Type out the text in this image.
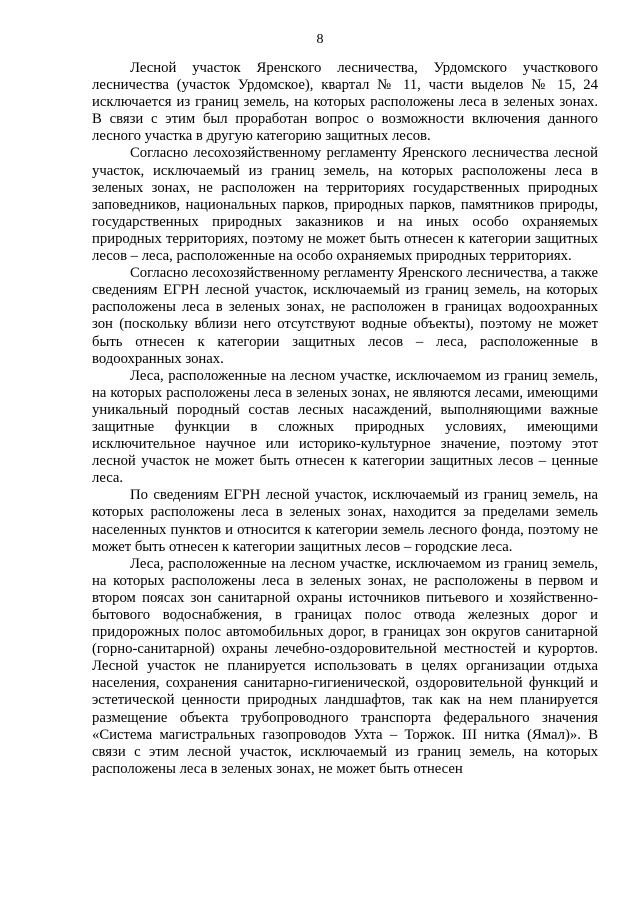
8

Лесной участок Яренского лесничества, Урдомского участкового лесничества (участок Урдомское), квартал № 11, части выделов № 15, 24 исключается из границ земель, на которых расположены леса в зеленых зонах. В связи с этим был проработан вопрос о возможности включения данного лесного участка в другую категорию защитных лесов.

Согласно лесохозяйственному регламенту Яренского лесничества лесной участок, исключаемый из границ земель, на которых расположены леса в зеленых зонах, не расположен на территориях государственных природных заповедников, национальных парков, природных парков, памятников природы, государственных природных заказников и на иных особо охраняемых природных территориях, поэтому не может быть отнесен к категории защитных лесов – леса, расположенные на особо охраняемых природных территориях.

Согласно лесохозяйственному регламенту Яренского лесничества, а также сведениям ЕГРН лесной участок, исключаемый из границ земель, на которых расположены леса в зеленых зонах, не расположен в границах водоохранных зон (поскольку вблизи него отсутствуют водные объекты), поэтому не может быть отнесен к категории защитных лесов – леса, расположенные в водоохранных зонах.

Леса, расположенные на лесном участке, исключаемом из границ земель, на которых расположены леса в зеленых зонах, не являются лесами, имеющими уникальный породный состав лесных насаждений, выполняющими важные защитные функции в сложных природных условиях, имеющими исключительное научное или историко-культурное значение, поэтому этот лесной участок не может быть отнесен к категории защитных лесов – ценные леса.

По сведениям ЕГРН лесной участок, исключаемый из границ земель, на которых расположены леса в зеленых зонах, находится за пределами земель населенных пунктов и относится к категории земель лесного фонда, поэтому не может быть отнесен к категории защитных лесов – городские леса.

Леса, расположенные на лесном участке, исключаемом из границ земель, на которых расположены леса в зеленых зонах, не расположены в первом и втором поясах зон санитарной охраны источников питьевого и хозяйственно-бытового водоснабжения, в границах полос отвода железных дорог и придорожных полос автомобильных дорог, в границах зон округов санитарной (горно-санитарной) охраны лечебно-оздоровительной местностей и курортов. Лесной участок не планируется использовать в целях организации отдыха населения, сохранения санитарно-гигиенической, оздоровительной функций и эстетической ценности природных ландшафтов, так как на нем планируется размещение объекта трубопроводного транспорта федерального значения «Система магистральных газопроводов Ухта – Торжок. III нитка (Ямал)». В связи с этим лесной участок, исключаемый из границ земель, на которых расположены леса в зеленых зонах, не может быть отнесен
